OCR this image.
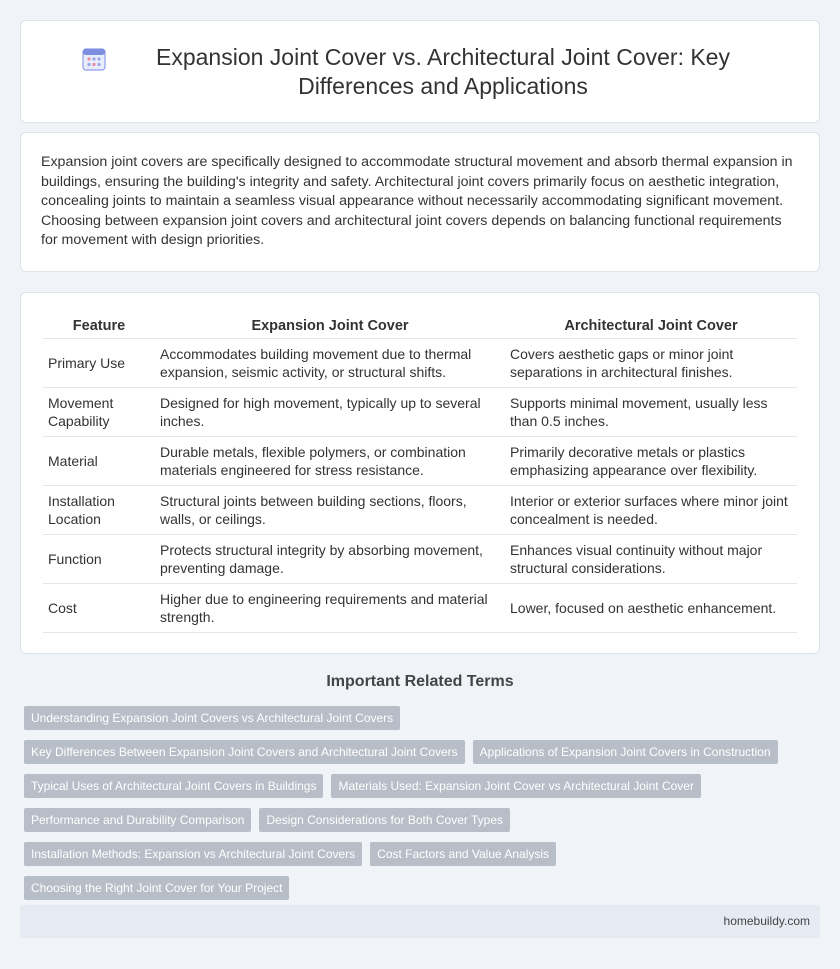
Expansion Joint Cover vs. Architectural Joint Cover: Key Differences and Applications

Expansion joint covers are specifically designed to accommodate structural movement and absorb thermal expansion in buildings, ensuring the building's integrity and safety. Architectural joint covers primarily focus on aesthetic integration, concealing joints to maintain a seamless visual appearance without necessarily accommodating significant movement. Choosing between expansion joint covers and architectural joint covers depends on balancing functional requirements for movement with design priorities.

Feature	Expansion Joint Cover	Architectural Joint Cover
Primary Use	Accommodates building movement due to thermal expansion, seismic activity, or structural shifts.	Covers aesthetic gaps or minor joint separations in architectural finishes.
Movement Capability	Designed for high movement, typically up to several inches.	Supports minimal movement, usually less than 0.5 inches.
Material	Durable metals, flexible polymers, or combination materials engineered for stress resistance.	Primarily decorative metals or plastics emphasizing appearance over flexibility.
Installation Location	Structural joints between building sections, floors, walls, or ceilings.	Interior or exterior surfaces where minor joint concealment is needed.
Function	Protects structural integrity by absorbing movement, preventing damage.	Enhances visual continuity without major structural considerations.
Cost	Higher due to engineering requirements and material strength.	Lower, focused on aesthetic enhancement.
Important Related Terms
Understanding Expansion Joint Covers vs Architectural Joint Covers
Key Differences Between Expansion Joint Covers and Architectural Joint Covers	Applications of Expansion Joint Covers in Construction
Typical Uses of Architectural Joint Covers in Buildings	Materials Used: Expansion Joint Cover vs Architectural Joint Cover
Performance and Durability Comparison	Design Considerations for Both Cover Types
Installation Methods: Expansion vs Architectural Joint Covers	Cost Factors and Value Analysis
Choosing the Right Joint Cover for Your Project
homebuildy.com
